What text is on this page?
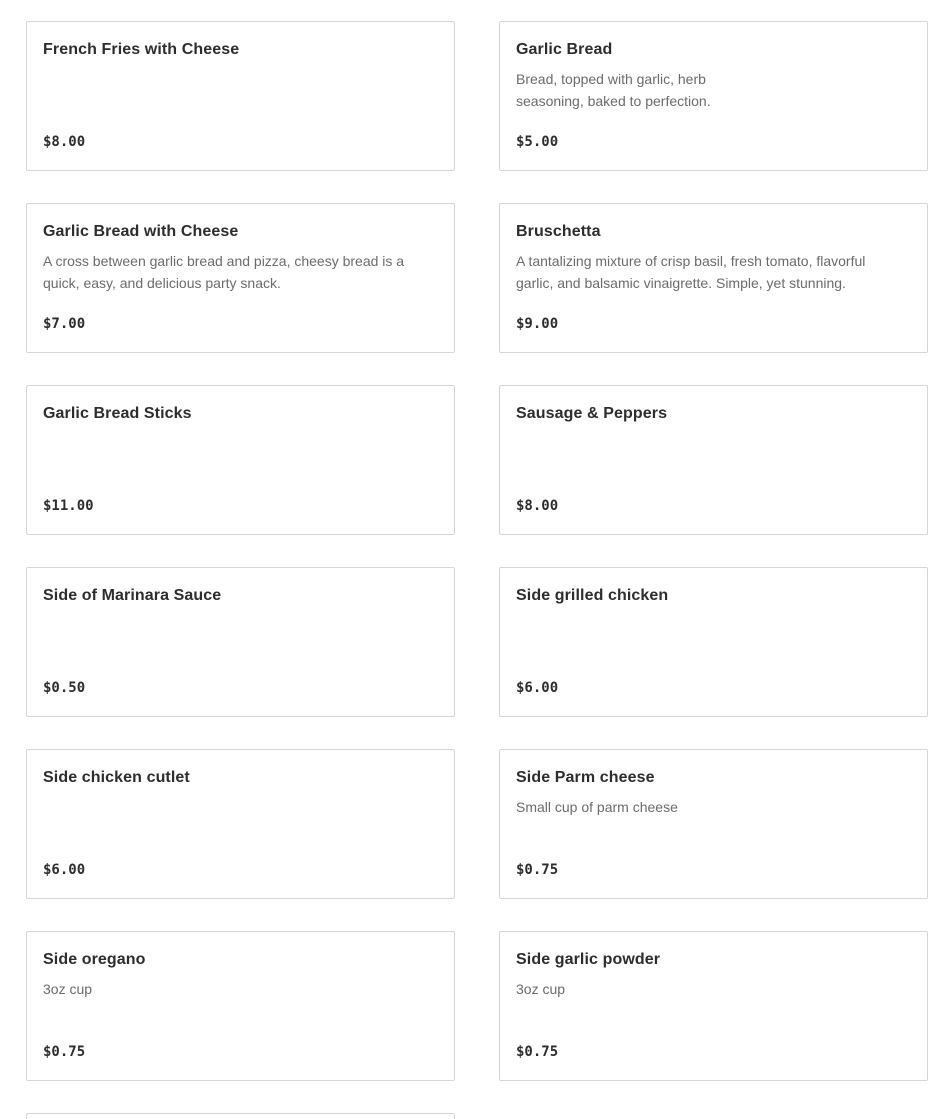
French Fries with Cheese
$8.00
Garlic Bread
Bread, topped with garlic, herb seasoning, baked to perfection.
$5.00
Garlic Bread with Cheese
A cross between garlic bread and pizza, cheesy bread is a quick, easy, and delicious party snack.
$7.00
Bruschetta
A tantalizing mixture of crisp basil, fresh tomato, flavorful garlic, and balsamic vinaigrette. Simple, yet stunning.
$9.00
Garlic Bread Sticks
$11.00
Sausage & Peppers
$8.00
Side of Marinara Sauce
$0.50
Side grilled chicken
$6.00
Side chicken cutlet
$6.00
Side Parm cheese
Small cup of parm cheese
$0.75
Side oregano
3oz cup
$0.75
Side garlic powder
3oz cup
$0.75
